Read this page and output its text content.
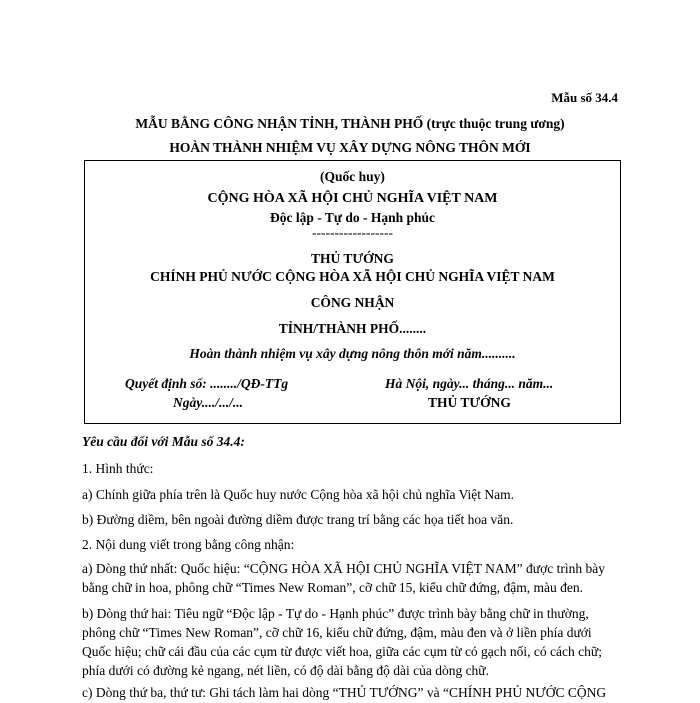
Mẫu số 34.4
MẪU BẰNG CÔNG NHẬN TỈNH, THÀNH PHỐ (trực thuộc trung ương)
HOÀN THÀNH NHIỆM VỤ XÂY DỰNG NÔNG THÔN MỚI
(Quốc huy)
CỘNG HÒA XÃ HỘI CHỦ NGHĨA VIỆT NAM
Độc lập - Tự do - Hạnh phúc
------------------
THỦ TƯỚNG
CHÍNH PHỦ NƯỚC CỘNG HÒA XÃ HỘI CHỦ NGHĨA VIỆT NAM
CÔNG NHẬN
TỈNH/THÀNH PHỐ........
Hoàn thành nhiệm vụ xây dựng nông thôn mới năm..........
Quyết định số: ......../QĐ-TTg
Ngày..../.../...
Hà Nội, ngày... tháng... năm...
THỦ TƯỚNG
Yêu cầu đối với Mẫu số 34.4:
1. Hình thức:
a) Chính giữa phía trên là Quốc huy nước Cộng hòa xã hội chủ nghĩa Việt Nam.
b) Đường diềm, bên ngoài đường diềm được trang trí bằng các họa tiết hoa văn.
2. Nội dung viết trong bằng công nhận:
a) Dòng thứ nhất: Quốc hiệu: “CỘNG HÒA XÃ HỘI CHỦ NGHĨA VIỆT NAM” được trình bày
bằng chữ in hoa, phông chữ “Times New Roman”, cỡ chữ 15, kiểu chữ đứng, đậm, màu đen.
b) Dòng thứ hai: Tiêu ngữ “Độc lập - Tự do - Hạnh phúc” được trình bày bằng chữ in thường,
phông chữ “Times New Roman”, cỡ chữ 16, kiểu chữ đứng, đậm, màu đen và ở liền phía dưới
Quốc hiệu; chữ cái đầu của các cụm từ được viết hoa, giữa các cụm từ có gạch nối, có cách chữ;
phía dưới có đường kẻ ngang, nét liền, có độ dài bằng độ dài của dòng chữ.
c) Dòng thứ ba, thứ tư: Ghi tách làm hai dòng “THỦ TƯỚNG” và “CHÍNH PHỦ NƯỚC CỘNG
